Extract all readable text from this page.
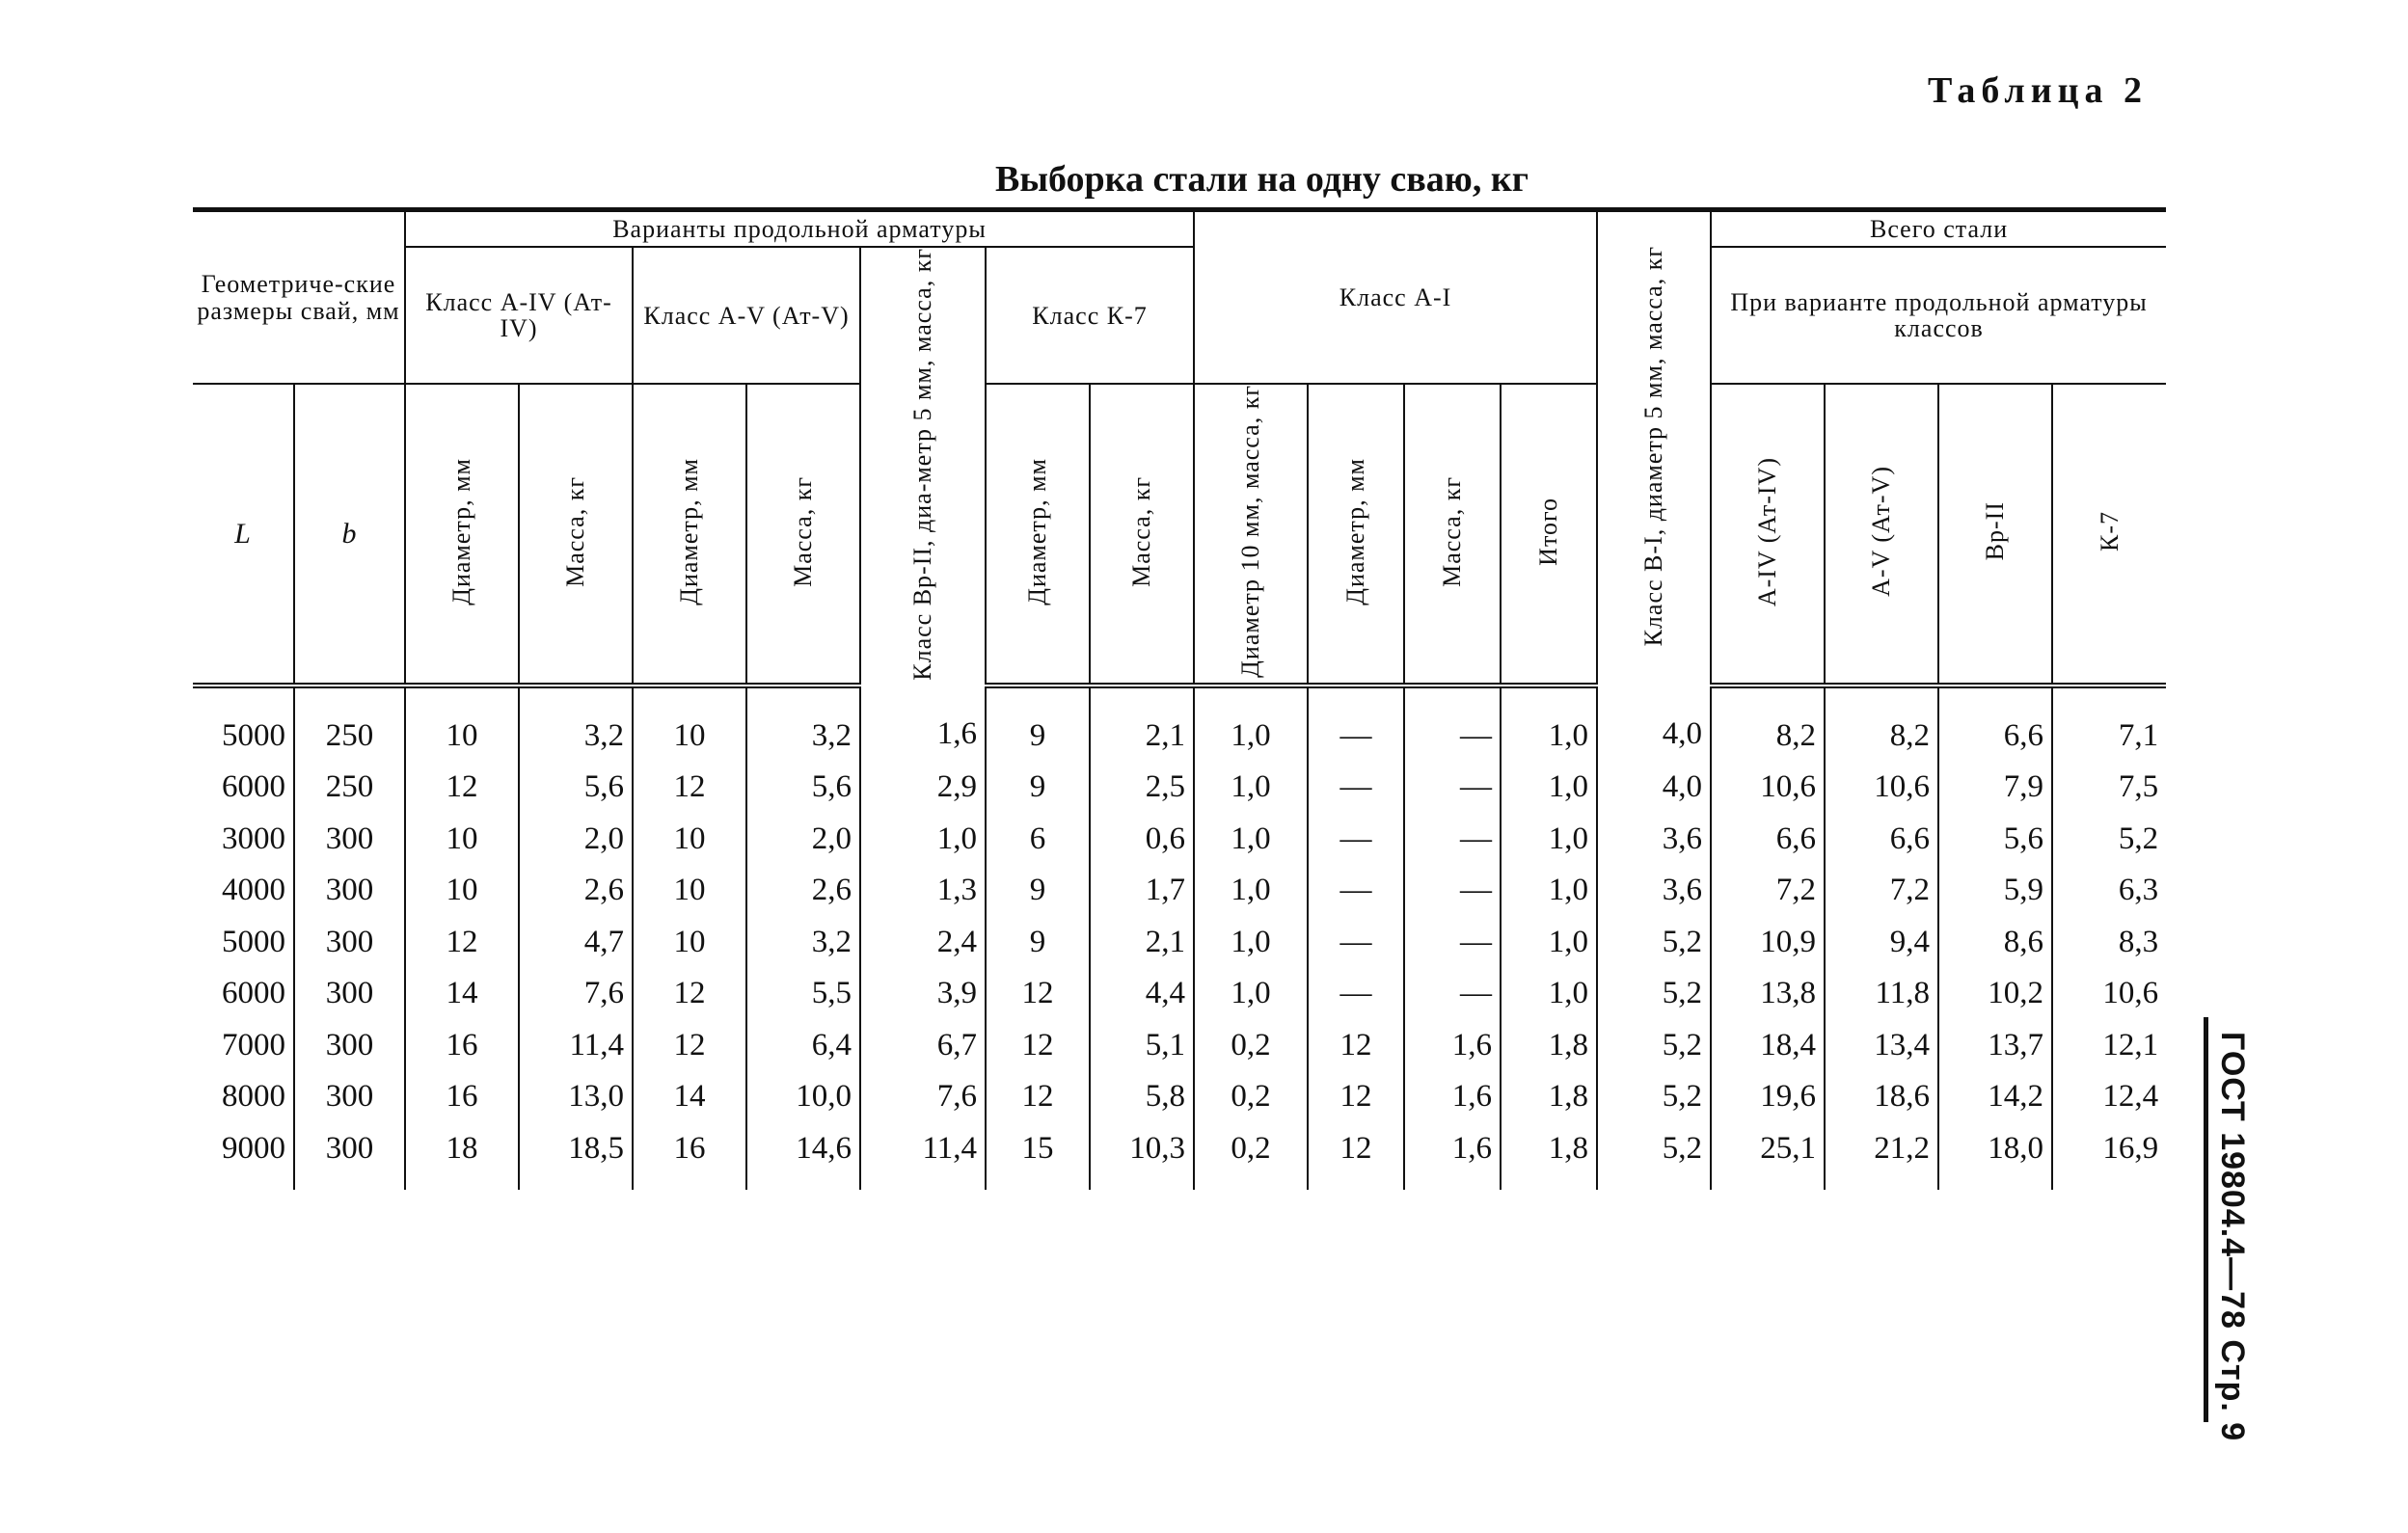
Таблица 2
Выборка стали на одну сваю, кг
Геометриче-ские размеры свай, мм		Варианты продольной арматуры							Класс А-I				Класс В-I, диаметр 5 мм, масса, кг	Всего стали			
		Класс А-IV (Ат-IV)		Класс А-V (Ат-V)		Класс Вр-II, диа-метр 5 мм, масса, кг	Класс К-7							При варианте продольной арматуры классов			
L	b	Диаметр, мм	Масса, кг	Диаметр, мм	Масса, кг		Диаметр, мм	Масса, кг	Диаметр 10 мм, масса, кг	Диаметр, мм	Масса, кг	Итого		А-IV (Ат-IV)	А-V (Ат-V)	Вр-II	К-7
5000	250	10	3,2	10	3,2	1,6	9	2,1	1,0	—	—	1,0	4,0	8,2	8,2	6,6	7,1
6000	250	12	5,6	12	5,6	2,9	9	2,5	1,0	—	—	1,0	4,0	10,6	10,6	7,9	7,5
3000	300	10	2,0	10	2,0	1,0	6	0,6	1,0	—	—	1,0	3,6	6,6	6,6	5,6	5,2
4000	300	10	2,6	10	2,6	1,3	9	1,7	1,0	—	—	1,0	3,6	7,2	7,2	5,9	6,3
5000	300	12	4,7	10	3,2	2,4	9	2,1	1,0	—	—	1,0	5,2	10,9	9,4	8,6	8,3
6000	300	14	7,6	12	5,5	3,9	12	4,4	1,0	—	—	1,0	5,2	13,8	11,8	10,2	10,6
7000	300	16	11,4	12	6,4	6,7	12	5,1	0,2	12	1,6	1,8	5,2	18,4	13,4	13,7	12,1
8000	300	16	13,0	14	10,0	7,6	12	5,8	0,2	12	1,6	1,8	5,2	19,6	18,6	14,2	12,4
9000	300	18	18,5	16	14,6	11,4	15	10,3	0,2	12	1,6	1,8	5,2	25,1	21,2	18,0	16,9 ГОСТ 19804.4—78 Стр. 9
